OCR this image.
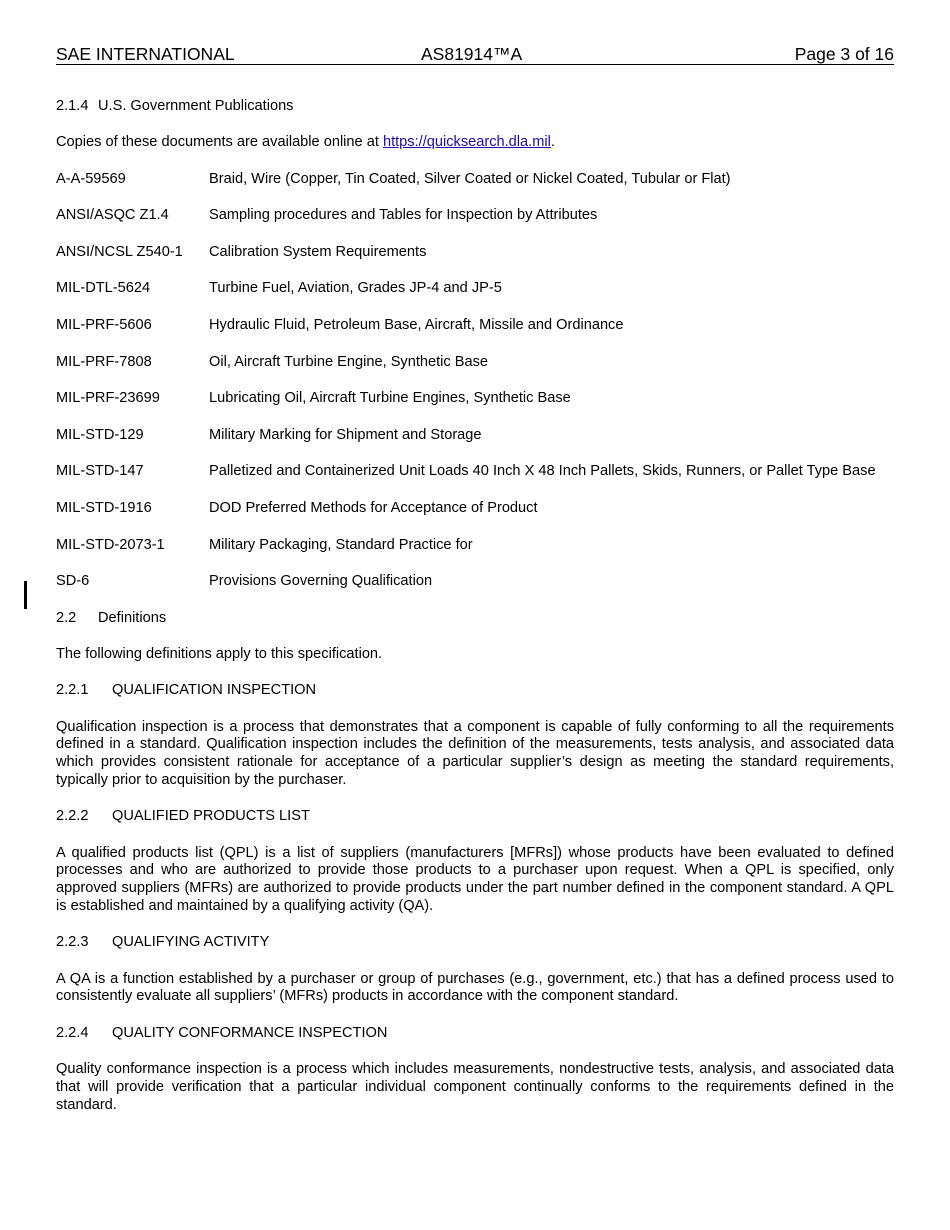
SAE INTERNATIONAL	AS81914™A	Page 3 of 16
2.1.4 U.S. Government Publications

Copies of these documents are available online at https://quicksearch.dla.mil.

A-A-59569	Braid, Wire (Copper, Tin Coated, Silver Coated or Nickel Coated, Tubular or Flat)
ANSI/ASQC Z1.4	Sampling procedures and Tables for Inspection by Attributes
ANSI/NCSL Z540-1	Calibration System Requirements
MIL-DTL-5624	Turbine Fuel, Aviation, Grades JP-4 and JP-5
MIL-PRF-5606	Hydraulic Fluid, Petroleum Base, Aircraft, Missile and Ordinance
MIL-PRF-7808	Oil, Aircraft Turbine Engine, Synthetic Base
MIL-PRF-23699	Lubricating Oil, Aircraft Turbine Engines, Synthetic Base
MIL-STD-129	Military Marking for Shipment and Storage
MIL-STD-147	Palletized and Containerized Unit Loads 40 Inch X 48 Inch Pallets, Skids, Runners, or Pallet Type Base
MIL-STD-1916	DOD Preferred Methods for Acceptance of Product
MIL-STD-2073-1	Military Packaging, Standard Practice for
SD-6	Provisions Governing Qualification
2.2 Definitions

The following definitions apply to this specification.

2.2.1 QUALIFICATION INSPECTION

Qualification inspection is a process that demonstrates that a component is capable of fully conforming to all the requirements defined in a standard. Qualification inspection includes the definition of the measurements, tests analysis, and associated data which provides consistent rationale for acceptance of a particular supplier’s design as meeting the standard requirements, typically prior to acquisition by the purchaser.

2.2.2 QUALIFIED PRODUCTS LIST

A qualified products list (QPL) is a list of suppliers (manufacturers [MFRs]) whose products have been evaluated to defined processes and who are authorized to provide those products to a purchaser upon request. When a QPL is specified, only approved suppliers (MFRs) are authorized to provide products under the part number defined in the component standard. A QPL is established and maintained by a qualifying activity (QA).

2.2.3 QUALIFYING ACTIVITY

A QA is a function established by a purchaser or group of purchases (e.g., government, etc.) that has a defined process used to consistently evaluate all suppliers’ (MFRs) products in accordance with the component standard.

2.2.4 QUALITY CONFORMANCE INSPECTION

Quality conformance inspection is a process which includes measurements, nondestructive tests, analysis, and associated data that will provide verification that a particular individual component continually conforms to the requirements defined in the standard.
